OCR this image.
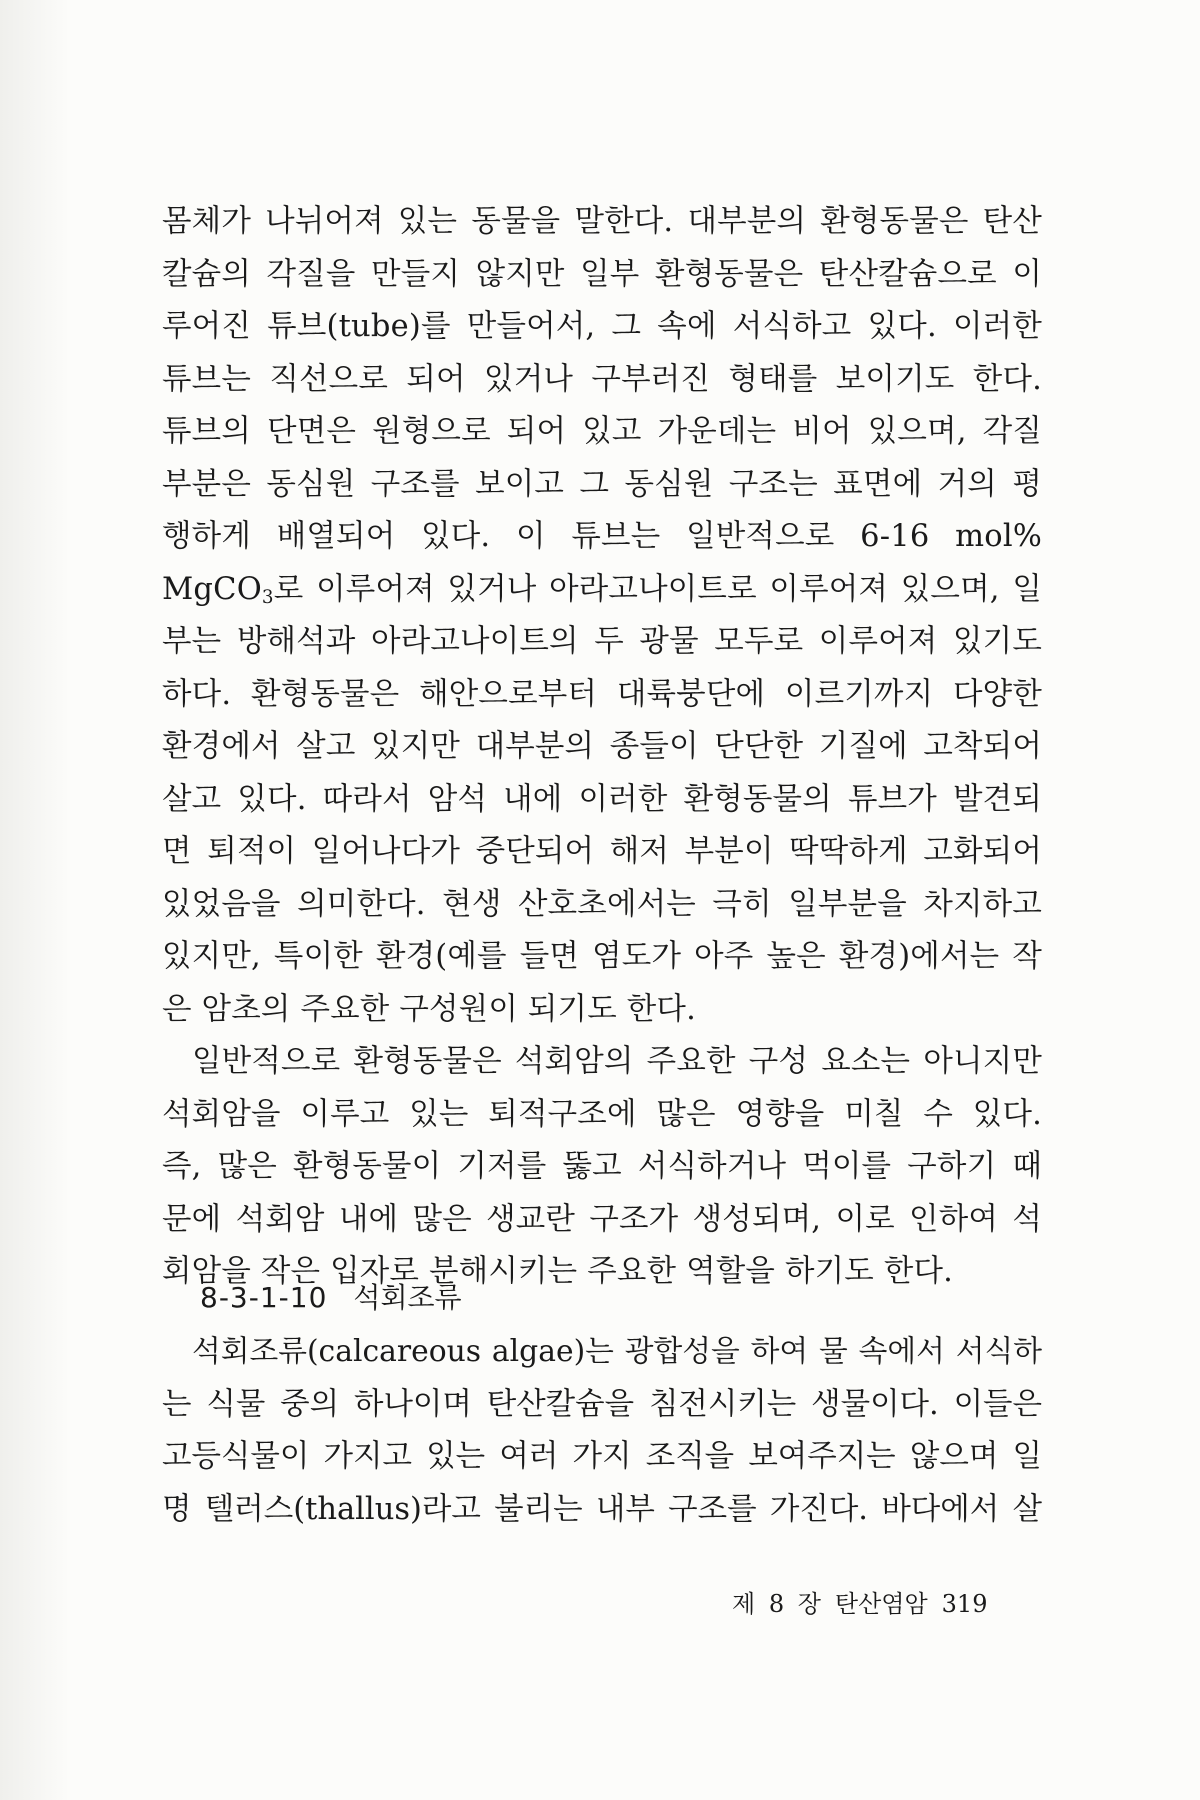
몸체가 나뉘어져 있는 동물을 말한다. 대부분의 환형동물은 탄산
칼슘의 각질을 만들지 않지만 일부 환형동물은 탄산칼슘으로 이
루어진 튜브(tube)를 만들어서, 그 속에 서식하고 있다. 이러한
튜브는 직선으로 되어 있거나 구부러진 형태를 보이기도 한다.
튜브의 단면은 원형으로 되어 있고 가운데는 비어 있으며, 각질
부분은 동심원 구조를 보이고 그 동심원 구조는 표면에 거의 평
행하게 배열되어 있다. 이 튜브는 일반적으로 6-16 mol%
MgCO$_3$로 이루어져 있거나 아라고나이트로 이루어져 있으며, 일
부는 방해석과 아라고나이트의 두 광물 모두로 이루어져 있기도
하다. 환형동물은 해안으로부터 대륙붕단에 이르기까지 다양한
환경에서 살고 있지만 대부분의 종들이 단단한 기질에 고착되어
살고 있다. 따라서 암석 내에 이러한 환형동물의 튜브가 발견되
면 퇴적이 일어나다가 중단되어 해저 부분이 딱딱하게 고화되어
있었음을 의미한다. 현생 산호초에서는 극히 일부분을 차지하고
있지만, 특이한 환경(예를 들면 염도가 아주 높은 환경)에서는 작
은 암초의 주요한 구성원이 되기도 한다.
일반적으로 환형동물은 석회암의 주요한 구성 요소는 아니지만
석회암을 이루고 있는 퇴적구조에 많은 영향을 미칠 수 있다.
즉, 많은 환형동물이 기저를 뚫고 서식하거나 먹이를 구하기 때
문에 석회암 내에 많은 생교란 구조가 생성되며, 이로 인하여 석
회암을 작은 입자로 분해시키는 주요한 역할을 하기도 한다.
8-3-1-10 석회조류
석회조류(calcareous algae)는 광합성을 하여 물 속에서 서식하
는 식물 중의 하나이며 탄산칼슘을 침전시키는 생물이다. 이들은
고등식물이 가지고 있는 여러 가지 조직을 보여주지는 않으며 일
명 텔러스(thallus)라고 불리는 내부 구조를 가진다. 바다에서 살
제 8 장 탄산염암 319
